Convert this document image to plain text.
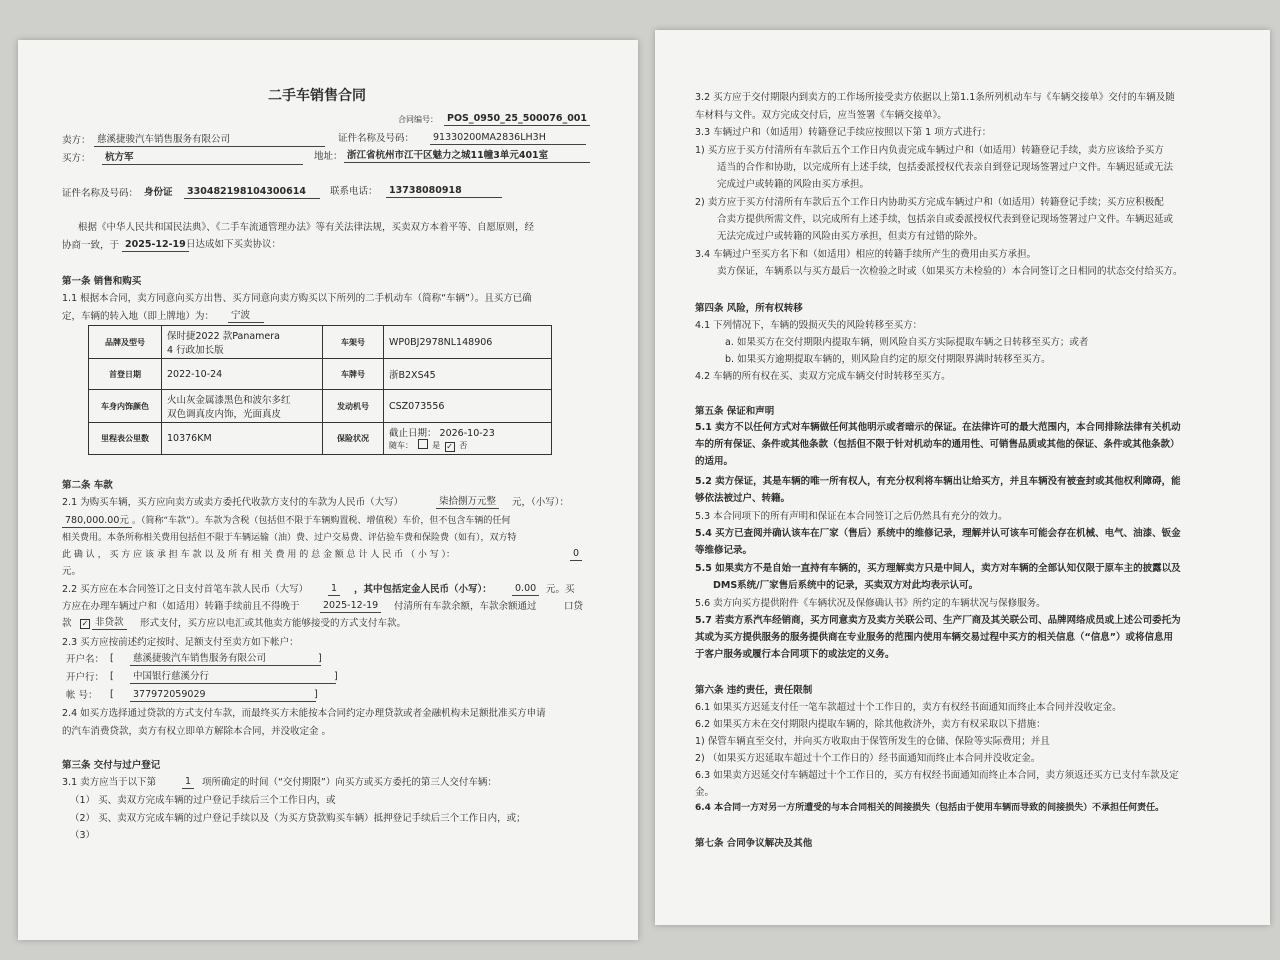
二手车销售合同
合同编号： POS_0950_25_500076_001
卖方： 慈溪捷骏汽车销售服务有限公司	证件名称及号码：	91330200MA2836LH3H
买方：	杭方军	地址： 浙江省杭州市江干区魅力之城11幢3单元401室
证件名称及号码： 身份证	330482198104300614	联系电话：	13738080918
根据《中华人民共和国民法典》、《二手车流通管理办法》等有关法律法规，买卖双方本着平等、自愿原则，经
协商一致，于 2025-12-19 日达成如下买卖协议：
第一条 销售和购买
1.1 根据本合同，卖方同意向买方出售、买方同意向卖方购买以下所列的二手机动车（简称“车辆”）。且买方已确
定，车辆的转入地（即上牌地）为：	宁波
品牌及型号	保时捷2022 款Panamera
4 行政加长版	车架号	WP0BJ2978NL148906
首登日期	2022-10-24	车牌号	浙B2XS45
车身内饰颜色	火山灰金属漆黑色和波尔多红
双色调真皮内饰，光面真皮	发动机号	CSZ073556
里程表公里数	10376KM	保险状况	截止日期： 2026-10-23
随车： 是 ✓ 否
第二条 车款
2.1 为购买车辆，买方应向卖方或卖方委托代收款方支付的车款为人民币（大写）	柒拾捌万元整	元，（小写）：
780,000.00元 。（简称“车款”）。车款为含税（包括但不限于车辆购置税、增值税）车价，但不包含车辆的任何
相关费用。本条所称相关费用包括但不限于车辆运输（油）费、过户交易费、评估验车费和保险费（如有），双方特
此 确 认 ， 买 方 应 该 承 担 车 款 以 及 所 有 相 关 费 用 的 总 金 额 总 计 人 民 币 （ 小 写 ）：	0
元。
2.2 买方应在本合同签订之日支付首笔车款人民币（大写）	1	，其中包括定金人民币（小写）：	0.00	元。买
方应在办理车辆过户和（如适用）转籍手续前且不得晚于	2025-12-19	付清所有车款余额，车款余额通过	口贷
款 ✓ 非贷款	形式支付，买方应以电汇或其他卖方能够接受的方式支付车款。
2.3 买方应按前述约定按时、足额支付至卖方如下帐户：
开户名： [	慈溪捷骏汽车销售服务有限公司	]
开户行： [	中国银行慈溪分行	]
帐 号： [	377972059029	]
2.4 如买方选择通过贷款的方式支付车款，而最终买方未能按本合同约定办理贷款或者金融机构未足额批准买方申请
的汽车消费贷款，卖方有权立即单方解除本合同，并没收定金 。
第三条 交付与过户登记
3.1 卖方应当于以下第	1	项所确定的时间（“交付期限”）向买方或买方委托的第三人交付车辆：
（1） 买、卖双方完成车辆的过户登记手续后三个工作日内，或
（2） 买、卖双方完成车辆的过户登记手续以及（为买方贷款购买车辆）抵押登记手续后三个工作日内，或；
（3）
3.2 买方应于交付期限内到卖方的工作场所接受卖方依据以上第1.1条所列机动车与《车辆交接单》交付的车辆及随
车材料与文件。双方完成交付后，应当签署《车辆交接单》。
3.3 车辆过户和（如适用）转籍登记手续应按照以下第 1 项方式进行：
1) 买方应于买方付清所有车款后五个工作日内负责完成车辆过户和（如适用）转籍登记手续，卖方应该给予买方
适当的合作和协助，以完成所有上述手续，包括委派授权代表亲自到登记现场签署过户文件。车辆迟延或无法
完成过户或转籍的风险由买方承担。
2) 卖方应于买方付清所有车款后五个工作日内协助买方完成车辆过户和（如适用）转籍登记手续；买方应积极配
合卖方提供所需文件，以完成所有上述手续，包括亲自或委派授权代表到登记现场签署过户文件。车辆迟延或
无法完成过户或转籍的风险由买方承担，但卖方有过错的除外。
3.4 车辆过户至买方名下和（如适用）相应的转籍手续所产生的费用由买方承担。
卖方保证，车辆系以与买方最后一次检验之时或（如果买方未检验的）本合同签订之日相同的状态交付给买方。
第四条 风险，所有权转移
4.1 下列情况下，车辆的毁损灭失的风险转移至买方：
a. 如果买方在交付期限内提取车辆，则风险自买方实际提取车辆之日转移至买方；或者
b. 如果买方逾期提取车辆的，则风险自约定的原交付期限界满时转移至买方。
4.2 车辆的所有权在买、卖双方完成车辆交付时转移至买方。
第五条 保证和声明
5.1 卖方不以任何方式对车辆做任何其他明示或者暗示的保证。在法律许可的最大范围内，本合同排除法律有关机动
车的所有保证、条件或其他条款（包括但不限于针对机动车的通用性、可销售品质或其他的保证、条件或其他条款）
的适用。
5.2 卖方保证，其是车辆的唯一所有权人，有充分权利将车辆出让给买方，并且车辆没有被查封或其他权利障碍，能
够依法被过户、转籍。
5.3 本合同项下的所有声明和保证在本合同签订之后仍然具有充分的效力。
5.4 买方已查阅并确认该车在厂家（售后）系统中的维修记录，理解并认可该车可能会存在机械、电气、油漆、钣金
等维修记录。
5.5 如果卖方不是自始一直持有车辆的，买方理解卖方只是中间人，卖方对车辆的全部认知仅限于原车主的披露以及
DMS系统/厂家售后系统中的记录，买卖双方对此均表示认可。
5.6 卖方向买方提供附件《车辆状况及保修确认书》所约定的车辆状况与保修服务。
5.7 若卖方系汽车经销商，买方同意卖方及卖方关联公司、生产厂商及其关联公司、品牌网络成员或上述公司委托为
其或为买方提供服务的服务提供商在专业服务的范围内使用车辆交易过程中买方的相关信息（“信息”）或将信息用
于客户服务或履行本合同项下的或法定的义务。
第六条 违约责任，责任限制
6.1 如果买方迟延支付任一笔车款超过十个工作日的，卖方有权经书面通知而终止本合同并没收定金。
6.2 如果买方未在交付期限内提取车辆的，除其他救济外，卖方有权采取以下措施：
1) 保管车辆直至交付，并向买方收取由于保管所发生的仓储、保险等实际费用；并且
2) （如果买方迟延取车超过十个工作日的）经书面通知而终止本合同并没收定金。
6.3 如果卖方迟延交付车辆超过十个工作日的，买方有权经书面通知而终止本合同，卖方须返还买方已支付车款及定
金。
6.4 本合同一方对另一方所遭受的与本合同相关的间接损失（包括由于使用车辆而导致的间接损失）不承担任何责任。
第七条 合同争议解决及其他
